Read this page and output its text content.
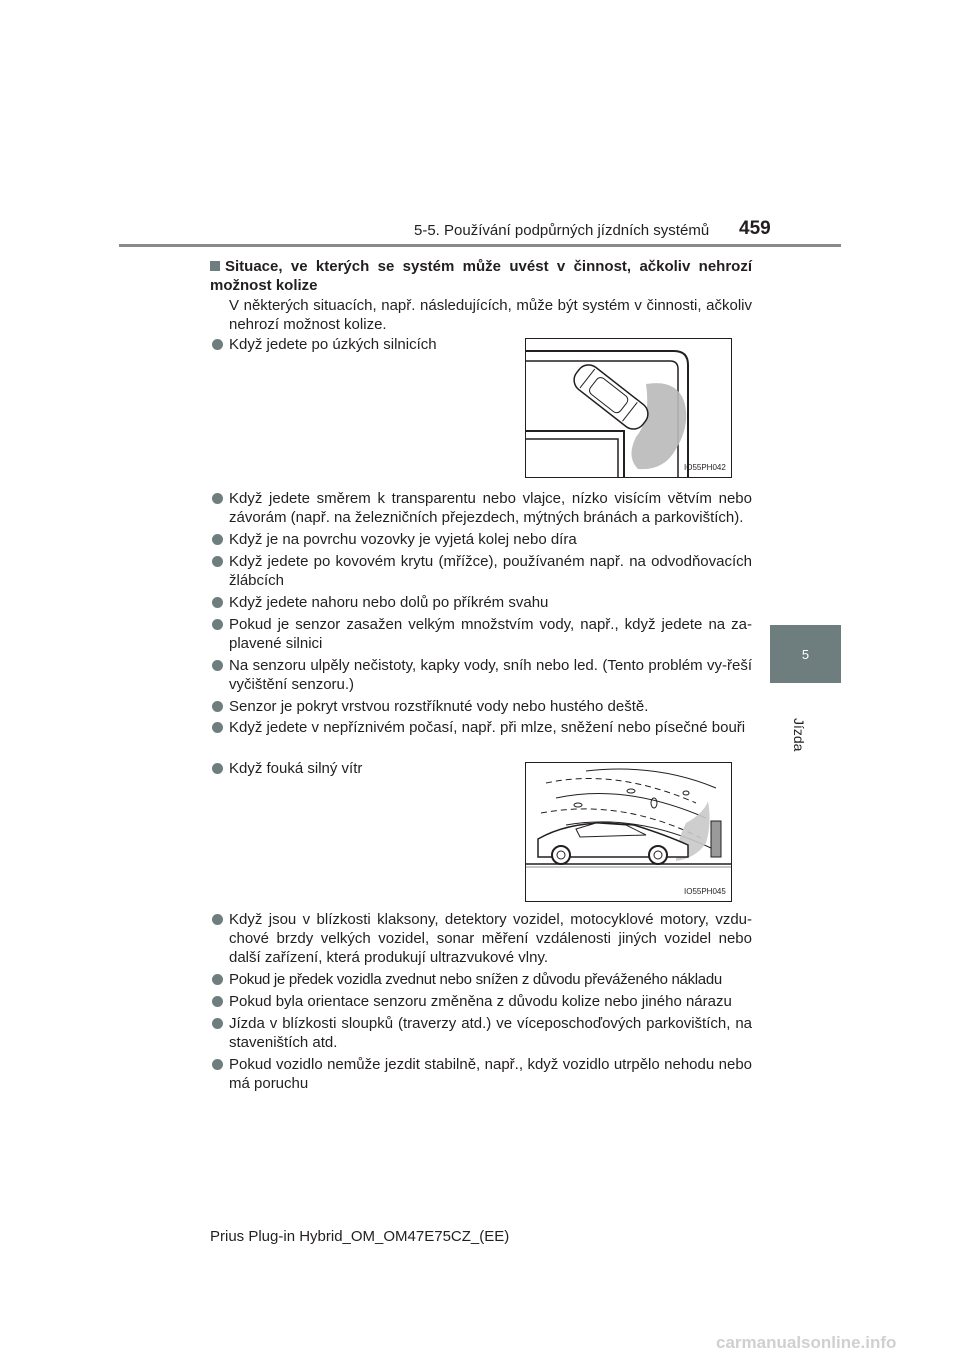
5-5. Používání podpůrných jízdních systémů 459
5
Jízda
Situace, ve kterých se systém může uvést v činnost, ačkoliv nehrozí možnost kolize
V některých situacích, např. následujících, může být systém v činnosti, ačkoliv nehrozí možnost kolize.
Když jedete po úzkých silnicích
IO55PH042
Když jedete směrem k transparentu nebo vlajce, nízko visícím větvím nebo závorám (např. na železničních přejezdech, mýtných bránách a parkovištích).
Když je na povrchu vozovky je vyjetá kolej nebo díra
Když jedete po kovovém krytu (mřížce), používaném např. na odvodňovacích žlábcích
Když jedete nahoru nebo dolů po příkrém svahu
Pokud je senzor zasažen velkým množstvím vody, např., když jedete na za-plavené silnici
Na senzoru ulpěly nečistoty, kapky vody, sníh nebo led. (Tento problém vy-řeší vyčištění senzoru.)
Senzor je pokryt vrstvou rozstříknuté vody nebo hustého deště.
Když jedete v nepříznivém počasí, např. při mlze, sněžení nebo písečné bouři
Když fouká silný vítr
IO55PH045
Když jsou v blízkosti klaksony, detektory vozidel, motocyklové motory, vzdu-chové brzdy velkých vozidel, sonar měření vzdálenosti jiných vozidel nebo další zařízení, která produkují ultrazvukové vlny.
Pokud je předek vozidla zvednut nebo snížen z důvodu převáženého nákladu
Pokud byla orientace senzoru změněna z důvodu kolize nebo jiného nárazu
Jízda v blízkosti sloupků (traverzy atd.) ve víceposchoďových parkovištích, na staveništích atd.
Pokud vozidlo nemůže jezdit stabilně, např., když vozidlo utrpělo nehodu nebo má poruchu
Prius Plug-in Hybrid_OM_OM47E75CZ_(EE)
carmanualsonline.info
